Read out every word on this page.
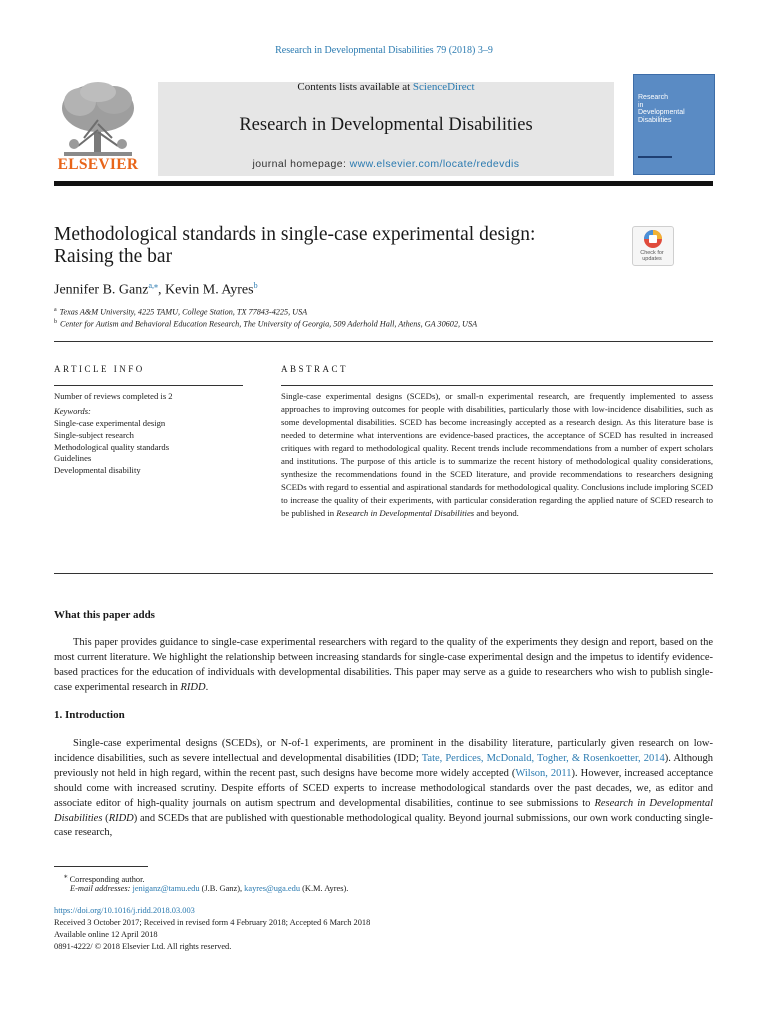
Research in Developmental Disabilities 79 (2018) 3–9
ELSEVIER
Contents lists available at ScienceDirect
Research in Developmental Disabilities
journal homepage: www.elsevier.com/locate/redevdis
Research
in
Developmental
Disabilities
Methodological standards in single-case experimental design:
Raising the bar	Check for
updates
Jennifer B. Ganz$^{a,⁎}$, Kevin M. Ayres$^b$
$^a$ Texas A&M University, 4225 TAMU, College Station, TX 77843-4225, USA
$^b$ Center for Autism and Behavioral Education Research, The University of Georgia, 509 Aderhold Hall, Athens, GA 30602, USA
ARTICLE INFO
Number of reviews completed is 2
Keywords:
Single-case experimental design
Single-subject research
Methodological quality standards
Guidelines
Developmental disability
ABSTRACT
Single-case experimental designs (SCEDs), or small-n experimental research, are frequently implemented to assess approaches to improving outcomes for people with disabilities, particularly those with low-incidence disabilities, such as some developmental disabilities. SCED has become increasingly accepted as a research design. As this literature base is needed to determine what interventions are evidence-based practices, the acceptance of SCED has resulted in increased critiques with regard to methodological quality. Recent trends include recommendations from a number of expert scholars and institutions. The purpose of this article is to summarize the recent history of methodological quality considerations, synthesize the recommendations found in the SCED literature, and provide recommendations to researchers designing SCEDs with regard to essential and aspirational standards for methodological quality. Conclusions include imploring SCED to increase the quality of their experiments, with particular consideration regarding the applied nature of SCED research to be published in Research in Developmental Disabilities and beyond.
What this paper adds
This paper provides guidance to single-case experimental researchers with regard to the quality of the experiments they design and report, based on the most current literature. We highlight the relationship between increasing standards for single-case experimental design and the impetus to identify evidence-based practices for the education of individuals with developmental disabilities. This paper may serve as a guide to researchers who wish to publish single-case experimental research in RIDD.
1. Introduction
Single-case experimental designs (SCEDs), or N-of-1 experiments, are prominent in the disability literature, particularly given research on low-incidence disabilities, such as severe intellectual and developmental disabilities (IDD; Tate, Perdices, McDonald, Togher, & Rosenkoetter, 2014). Although previously not held in high regard, within the recent past, such designs have become more widely accepted (Wilson, 2011). However, increased acceptance should come with increased scrutiny. Despite efforts of SCED experts to increase methodological standards over the past decades, we, as editor and associate editor of high-quality journals on autism spectrum and developmental disabilities, continue to see submissions to Research in Developmental Disabilities (RIDD) and SCEDs that are published with questionable methodological quality. Beyond journal submissions, our own work conducting single-case research,
⁎ Corresponding author.
E-mail addresses: jeniganz@tamu.edu (J.B. Ganz), kayres@uga.edu (K.M. Ayres).
https://doi.org/10.1016/j.ridd.2018.03.003
Received 3 October 2017; Received in revised form 4 February 2018; Accepted 6 March 2018
Available online 12 April 2018
0891-4222/ © 2018 Elsevier Ltd. All rights reserved.
